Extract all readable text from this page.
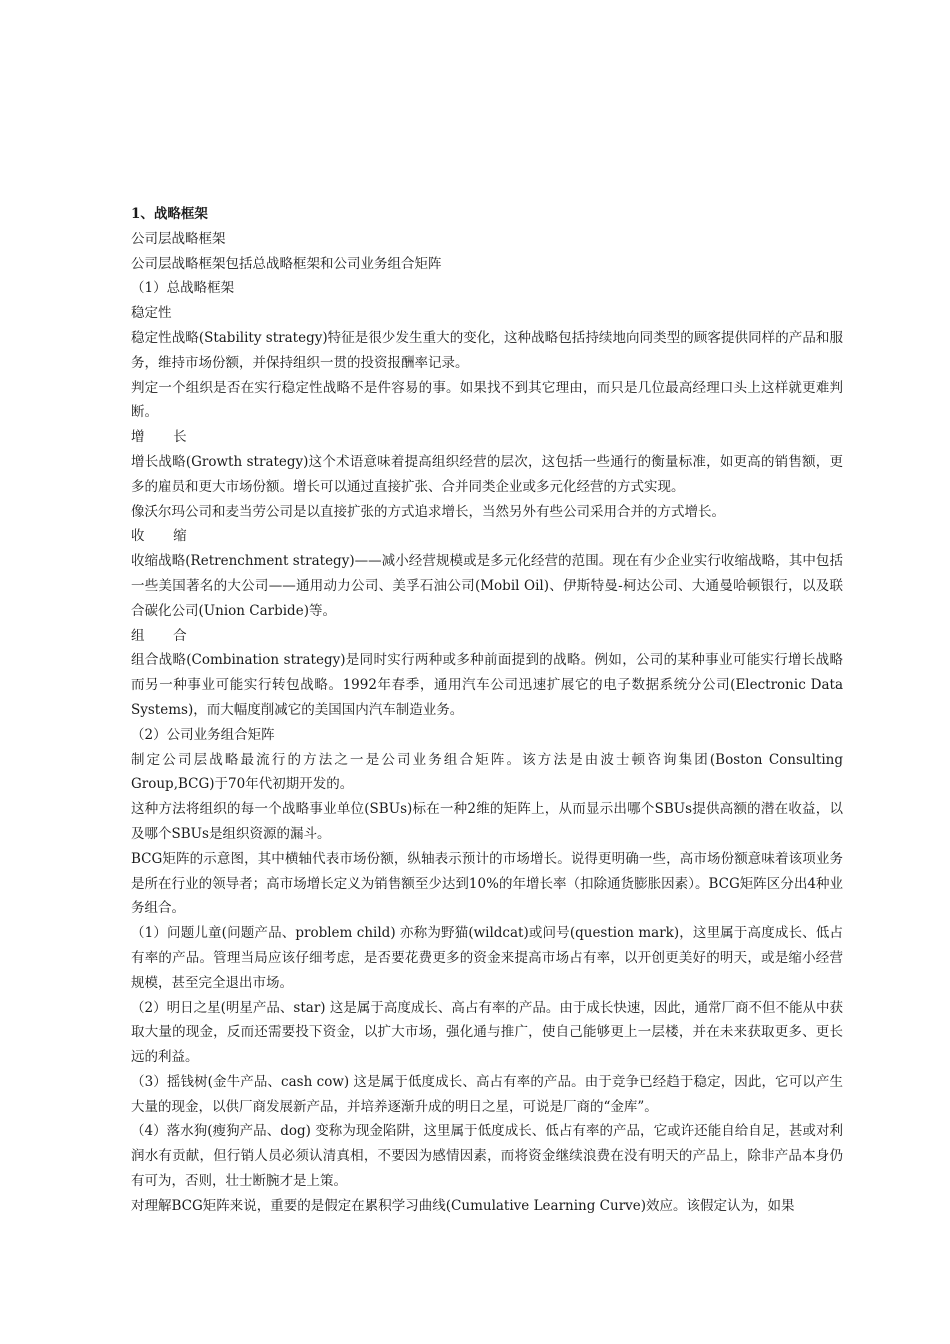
1、战略框架

公司层战略框架

公司层战略框架包括总战略框架和公司业务组合矩阵

（1）总战略框架

稳定性

稳定性战略(Stability strategy)特征是很少发生重大的变化，这种战略包括持续地向同类型的顾客提供同样的产品和服务，维持市场份额，并保持组织一贯的投资报酬率记录。

判定一个组织是否在实行稳定性战略不是件容易的事。如果找不到其它理由，而只是几位最高经理口头上这样就更难判断。

增 长

增长战略(Growth strategy)这个术语意味着提高组织经营的层次，这包括一些通行的衡量标准，如更高的销售额，更多的雇员和更大市场份额。增长可以通过直接扩张、合并同类企业或多元化经营的方式实现。

像沃尔玛公司和麦当劳公司是以直接扩张的方式追求增长，当然另外有些公司采用合并的方式增长。

收 缩

收缩战略(Retrenchment strategy)——减小经营规模或是多元化经营的范围。现在有少企业实行收缩战略，其中包括一些美国著名的大公司——通用动力公司、美孚石油公司(Mobil Oil)、伊斯特曼-柯达公司、大通曼哈顿银行，以及联合碳化公司(Union Carbide)等。

组 合

组合战略(Combination strategy)是同时实行两种或多种前面提到的战略。例如，公司的某种事业可能实行增长战略而另一种事业可能实行转包战略。1992年春季，通用汽车公司迅速扩展它的电子数据系统分公司(Electronic Data Systems)，而大幅度削减它的美国国内汽车制造业务。

（2）公司业务组合矩阵

制定公司层战略最流行的方法之一是公司业务组合矩阵。该方法是由波士顿咨询集团(Boston Consulting Group,BCG)于70年代初期开发的。

这种方法将组织的每一个战略事业单位(SBUs)标在一种2维的矩阵上，从而显示出哪个SBUs提供高额的潜在收益，以及哪个SBUs是组织资源的漏斗。

BCG矩阵的示意图，其中横轴代表市场份额，纵轴表示预计的市场增长。说得更明确一些，高市场份额意味着该项业务是所在行业的领导者；高市场增长定义为销售额至少达到10%的年增长率（扣除通货膨胀因素）。BCG矩阵区分出4种业务组合。

（1）问题儿童(问题产品、problem child) 亦称为野猫(wildcat)或问号(question mark)，这里属于高度成长、低占有率的产品。管理当局应该仔细考虑，是否要花费更多的资金来提高市场占有率，以开创更美好的明天，或是缩小经营规模，甚至完全退出市场。

（2）明日之星(明星产品、star) 这是属于高度成长、高占有率的产品。由于成长快速，因此，通常厂商不但不能从中获取大量的现金，反而还需要投下资金，以扩大市场，强化通与推广，使自己能够更上一层楼，并在未来获取更多、更长远的利益。

（3）摇钱树(金牛产品、cash cow) 这是属于低度成长、高占有率的产品。由于竞争已经趋于稳定，因此，它可以产生大量的现金，以供厂商发展新产品，并培养逐渐升成的明日之星，可说是厂商的“金库”。

（4）落水狗(瘦狗产品、dog) 变称为现金陷阱，这里属于低度成长、低占有率的产品，它或许还能自给自足，甚或对利润水有贡献，但行销人员必须认清真相，不要因为感情因素，而将资金继续浪费在没有明天的产品上，除非产品本身仍有可为，否则，壮士断腕才是上策。

对理解BCG矩阵来说，重要的是假定在累积学习曲线(Cumulative Learning Curve)效应。该假定认为，如果
